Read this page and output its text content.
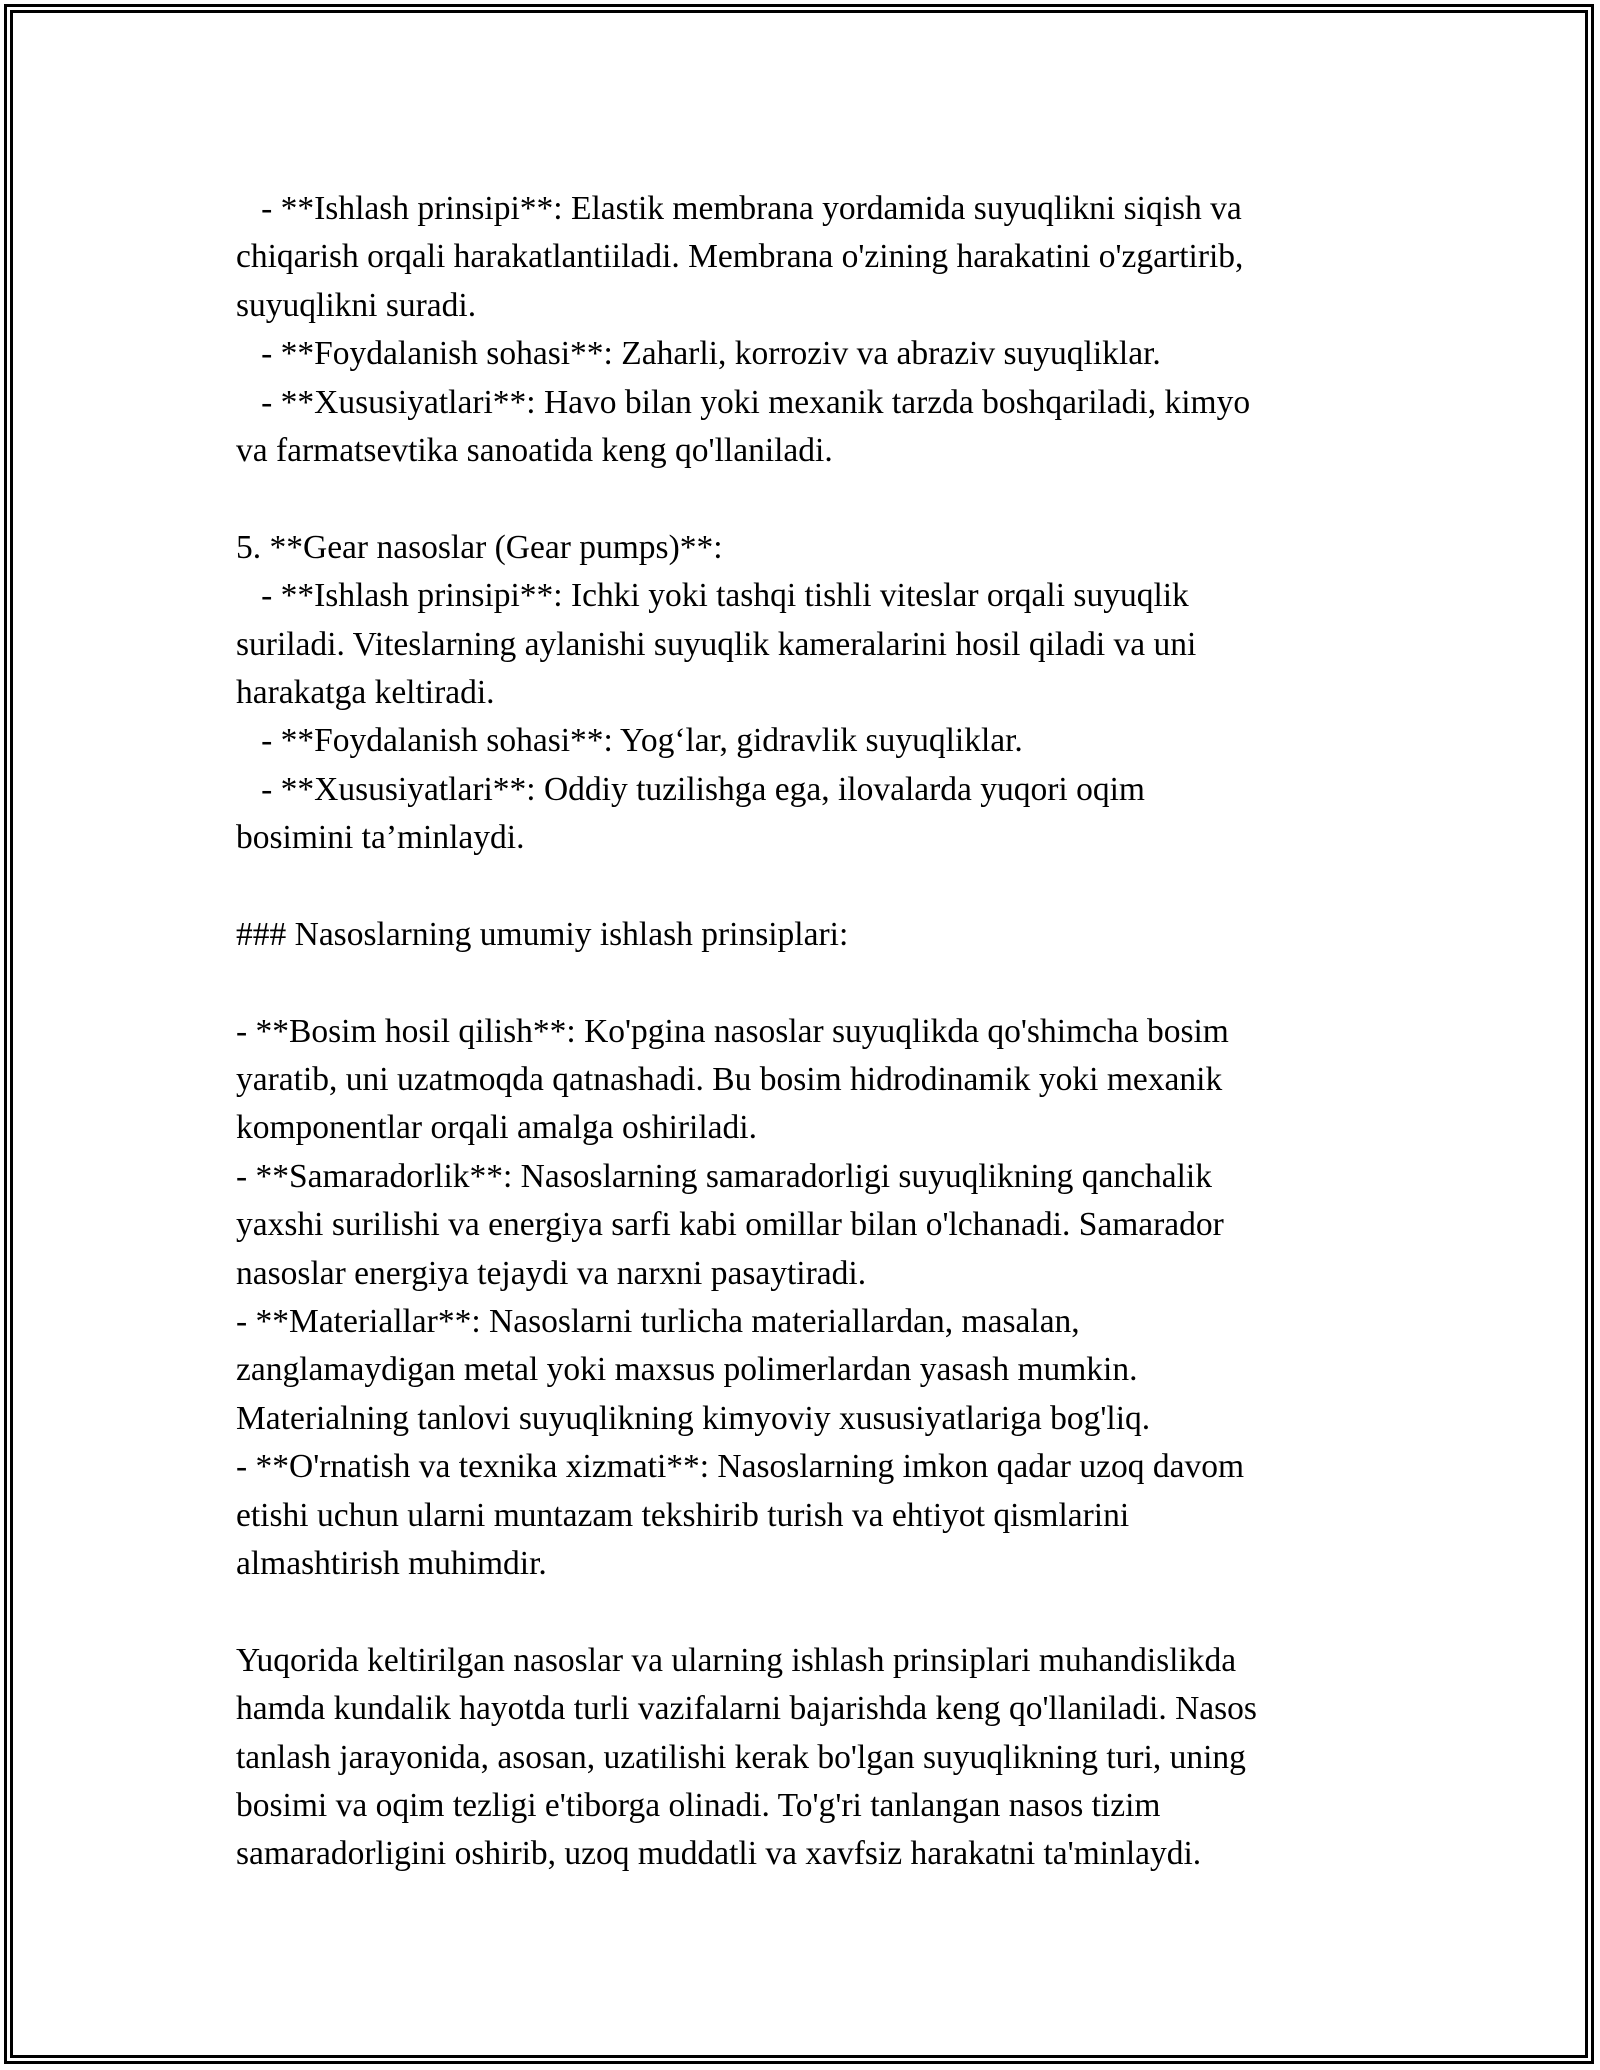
- **Ishlash prinsipi**: Elastik membrana yordamida suyuqlikni siqish va
chiqarish orqali harakatlantiiladi. Membrana o'zining harakatini o'zgartirib,
suyuqlikni suradi.
- **Foydalanish sohasi**: Zaharli, korroziv va abraziv suyuqliklar.
- **Xususiyatlari**: Havo bilan yoki mexanik tarzda boshqariladi, kimyo
va farmatsevtika sanoatida keng qo'llaniladi.
5. **Gear nasoslar (Gear pumps)**:
- **Ishlash prinsipi**: Ichki yoki tashqi tishli viteslar orqali suyuqlik
suriladi. Viteslarning aylanishi suyuqlik kameralarini hosil qiladi va uni
harakatga keltiradi.
- **Foydalanish sohasi**: Yog‘lar, gidravlik suyuqliklar.
- **Xususiyatlari**: Oddiy tuzilishga ega, ilovalarda yuqori oqim
bosimini ta’minlaydi.
### Nasoslarning umumiy ishlash prinsiplari:
- **Bosim hosil qilish**: Ko'pgina nasoslar suyuqlikda qo'shimcha bosim
yaratib, uni uzatmoqda qatnashadi. Bu bosim hidrodinamik yoki mexanik
komponentlar orqali amalga oshiriladi.
- **Samaradorlik**: Nasoslarning samaradorligi suyuqlikning qanchalik
yaxshi surilishi va energiya sarfi kabi omillar bilan o'lchanadi. Samarador
nasoslar energiya tejaydi va narxni pasaytiradi.
- **Materiallar**: Nasoslarni turlicha materiallardan, masalan,
zanglamaydigan metal yoki maxsus polimerlardan yasash mumkin.
Materialning tanlovi suyuqlikning kimyoviy xususiyatlariga bog'liq.
- **O'rnatish va texnika xizmati**: Nasoslarning imkon qadar uzoq davom
etishi uchun ularni muntazam tekshirib turish va ehtiyot qismlarini
almashtirish muhimdir.
Yuqorida keltirilgan nasoslar va ularning ishlash prinsiplari muhandislikda
hamda kundalik hayotda turli vazifalarni bajarishda keng qo'llaniladi. Nasos
tanlash jarayonida, asosan, uzatilishi kerak bo'lgan suyuqlikning turi, uning
bosimi va oqim tezligi e'tiborga olinadi. To'g'ri tanlangan nasos tizim
samaradorligini oshirib, uzoq muddatli va xavfsiz harakatni ta'minlaydi.
